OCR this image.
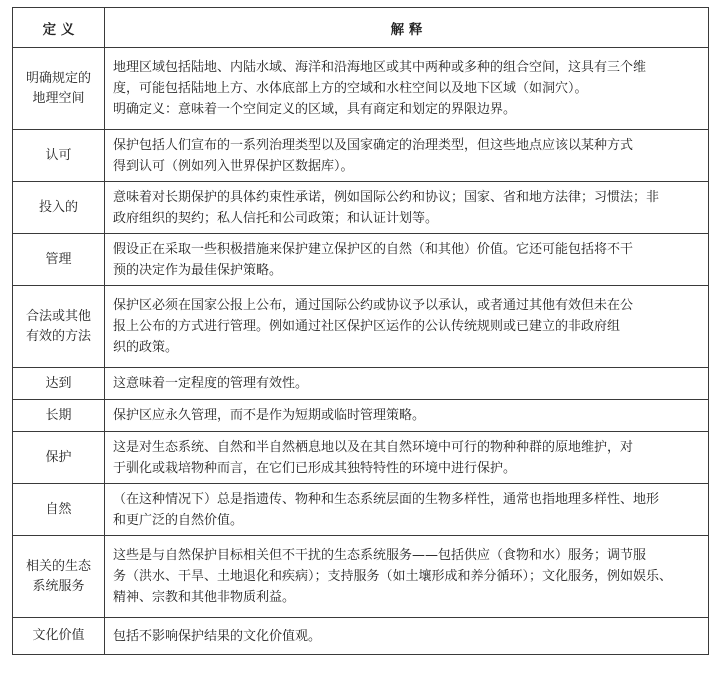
定 义	解 释
明确规定的地理空间	地理区域包括陆地、内陆水域、海洋和沿海地区或其中两种或多种的组合空间，这具有三个维
度，可能包括陆地上方、水体底部上方的空域和水柱空间以及地下区域（如洞穴）。
明确定义：意味着一个空间定义的区域，具有商定和划定的界限边界。

认可	保护包括人们宣布的一系列治理类型以及国家确定的治理类型，但这些地点应该以某种方式
得到认可（例如列入世界保护区数据库）。

投入的	意味着对长期保护的具体约束性承诺，例如国际公约和协议；国家、省和地方法律；习惯法；非
政府组织的契约；私人信托和公司政策；和认证计划等。

管理	假设正在采取一些积极措施来保护建立保护区的自然（和其他）价值。它还可能包括将不干
预的决定作为最佳保护策略。

合法或其他有效的方法	保护区必须在国家公报上公布，通过国际公约或协议予以承认，或者通过其他有效但未在公
报上公布的方式进行管理。例如通过社区保护区运作的公认传统规则或已建立的非政府组
织的政策。

达到	这意味着一定程度的管理有效性。

长期	保护区应永久管理，而不是作为短期或临时管理策略。

保护	这是对生态系统、自然和半自然栖息地以及在其自然环境中可行的物种种群的原地维护，对
于驯化或栽培物种而言，在它们已形成其独特特性的环境中进行保护。

自然	（在这种情况下）总是指遗传、物种和生态系统层面的生物多样性，通常也指地理多样性、地形
和更广泛的自然价值。

相关的生态系统服务	这些是与自然保护目标相关但不干扰的生态系统服务——包括供应（食物和水）服务；调节服
务（洪水、干旱、土地退化和疾病）；支持服务（如土壤形成和养分循环）；文化服务，例如娱乐、
精神、宗教和其他非物质利益。

文化价值	包括不影响保护结果的文化价值观。
